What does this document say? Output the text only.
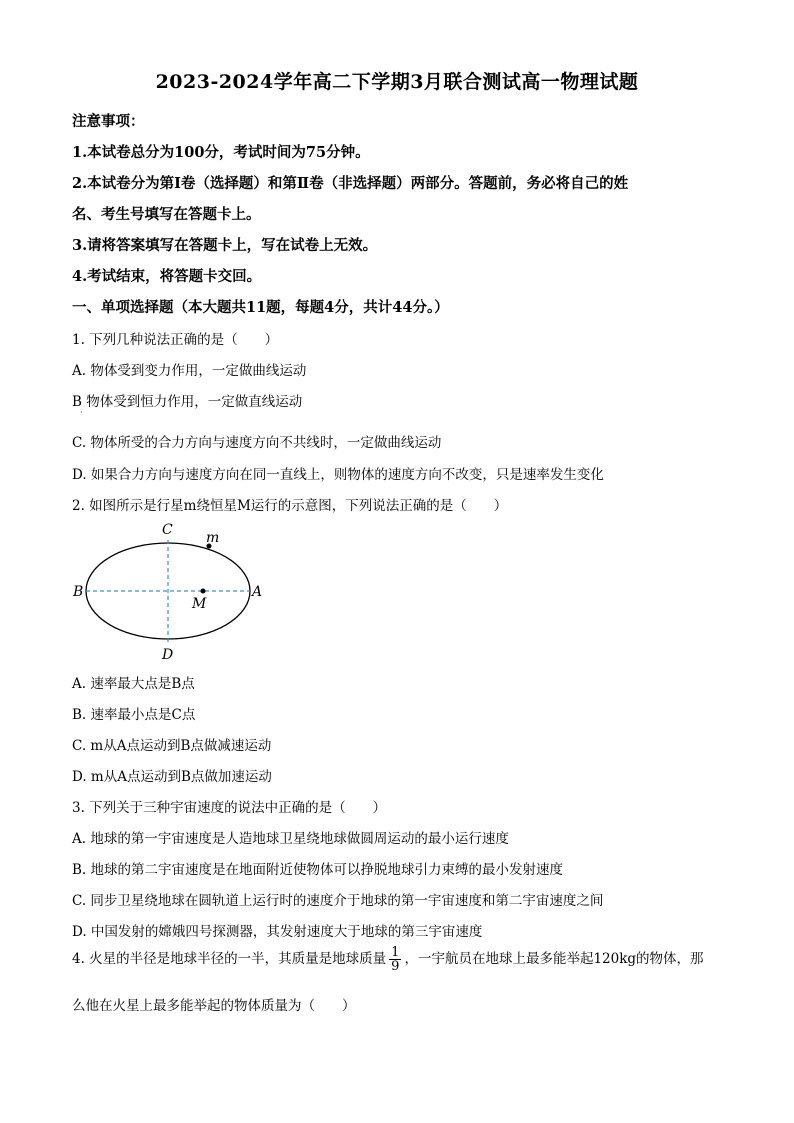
2023-2024学年高二下学期3月联合测试高一物理试题
注意事项：
1.本试卷总分为100分，考试时间为75分钟。
2.本试卷分为第Ⅰ卷（选择题）和第Ⅱ卷（非选择题）两部分。答题前，务必将自己的姓
名、考生号填写在答题卡上。
3.请将答案填写在答题卡上，写在试卷上无效。
4.考试结束，将答题卡交回。
一、单项选择题（本大题共11题，每题4分，共计44分。）
1. 下列几种说法正确的是（　　）
A. 物体受到变力作用，一定做曲线运动
B 物体受到恒力作用，一定做直线运动
·
C. 物体所受的合力方向与速度方向不共线时，一定做曲线运动
D. 如果合力方向与速度方向在同一直线上，则物体的速度方向不改变，只是速率发生变化
2. 如图所示是行星m绕恒星M运行的示意图，下列说法正确的是（　　）
C
D
B	A
M
m
A. 速率最大点是B点
B. 速率最小点是C点
C. m从A点运动到B点做减速运动
D. m从A点运动到B点做加速运动
3. 下列关于三种宇宙速度的说法中正确的是（　　）
A. 地球的第一宇宙速度是人造地球卫星绕地球做圆周运动的最小运行速度
B. 地球的第二宇宙速度是在地面附近使物体可以挣脱地球引力束缚的最小发射速度
C. 同步卫星绕地球在圆轨道上运行时的速度介于地球的第一宇宙速度和第二宇宙速度之间
D. 中国发射的嫦娥四号探测器，其发射速度大于地球的第三宇宙速度
4. 火星的半径是地球半径的一半，其质量是地球质量 $\frac{1}{9}$ ，一宇航员在地球上最多能举起120kg的物体，那
么他在火星上最多能举起的物体质量为（　　）
